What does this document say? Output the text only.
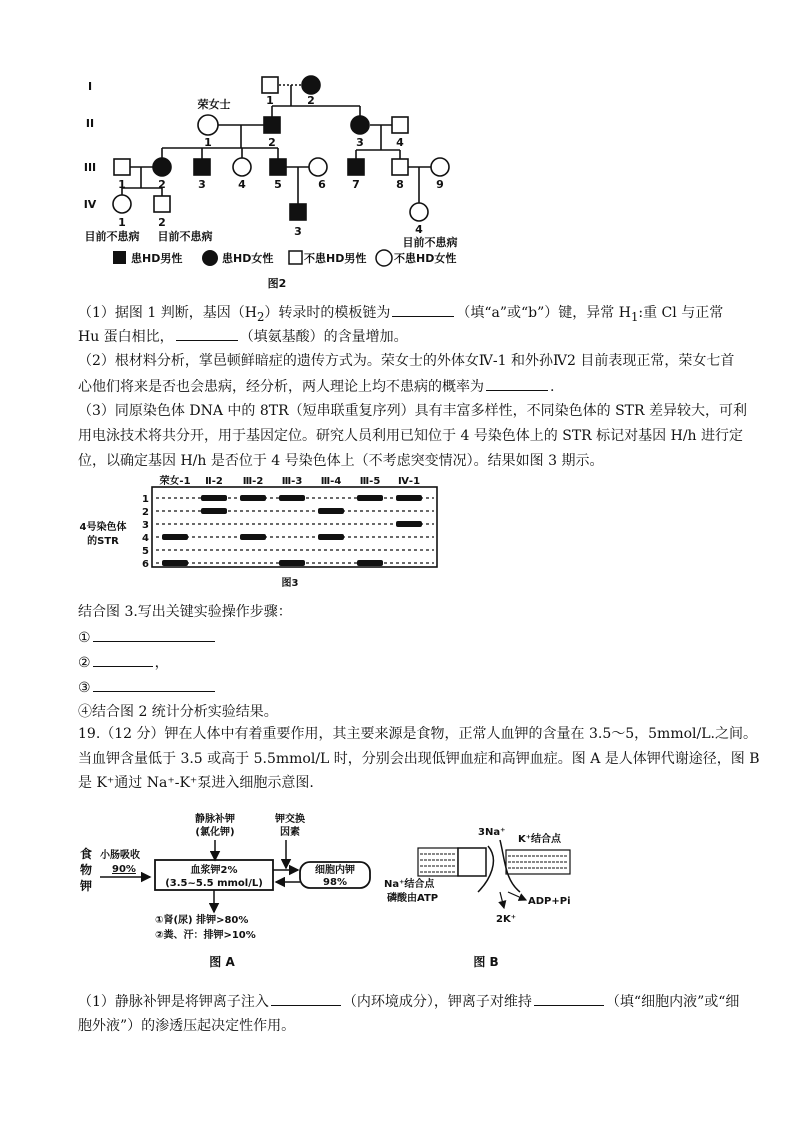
I
II
III
IV
荣女士	1	2
1	2	3	4
1	2	3	4	5	6 7	8	9
1	2
3	4
目前不患病 目前不患病	目前不患病
患HD男性	患HD女性	不患HD男性	不患HD女性
图2
（1）据图 1 判断，基因$(H_2)$转录时的模板链为	（填“a”或“b”）键，异常 $H_1$:重 Cl 与正常
Hu 蛋白相比，	（填氨基酸）的含量增加。
（2）根材料分析，掌邑顿鲜暗症的遗传方式为。荣女士的外体女Ⅳ-1 和外孙Ⅳ2 目前表现正常，荣女七首
心他们将来是否也会患病，经分析，两人理论上均不患病的概率为	.
（3）同原染色体 DNA 中的 8TR（短串联重复序列）具有丰富多样性，不同染色体的 STR 差异较大，可利
用电泳技术将共分开，用于基因定位。研究人员利用已知位于 4 号染色体上的 STR 标记对基因 H/h 进行定
位，以确定基因 H/h 是否位于 4 号染色体上（不考虑突变情况）。结果如图 3 期示。
荣女-1 Ⅱ-2 Ⅲ-2 Ⅲ-3 Ⅲ-4 Ⅲ-5 Ⅳ-1
1
2
3
4
5
6
4号染色体
的STR
图3
结合图 3.写出关键实验操作步骤：
①
②	，
③
④结合图 2 统计分析实验结果。
19.（12 分）钾在人体中有着重要作用，其主要来源是食物，正常人血钾的含量在 3.5～5，5mmol/L.之间。
当血钾含量低于 3.5 或高于 5.5mmol/L 时，分别会出现低钾血症和高钾血症。图 A 是人体钾代谢途径，图 B
是 K⁺通过 Na⁺-K⁺泵进入细胞示意图.
食
物
钾
小肠吸收
90%
静脉补钾
(氯化钾)
钾交换
因素
血浆钾2%
(3.5~5.5 mmol/L)
细胞内钾
98%
①肾(尿) 排钾>80%
②粪、汗：排钾>10%
图 A
3Na⁺
K⁺结合点
Na⁺结合点
磷酸由ATP	ADP+Pi
2K⁺
图 B
（1）静脉补钾是将钾离子注入	（内环境成分），钾离子对维持	（填“细胞内液”或“细
胞外液”）的渗透压起决定性作用。
